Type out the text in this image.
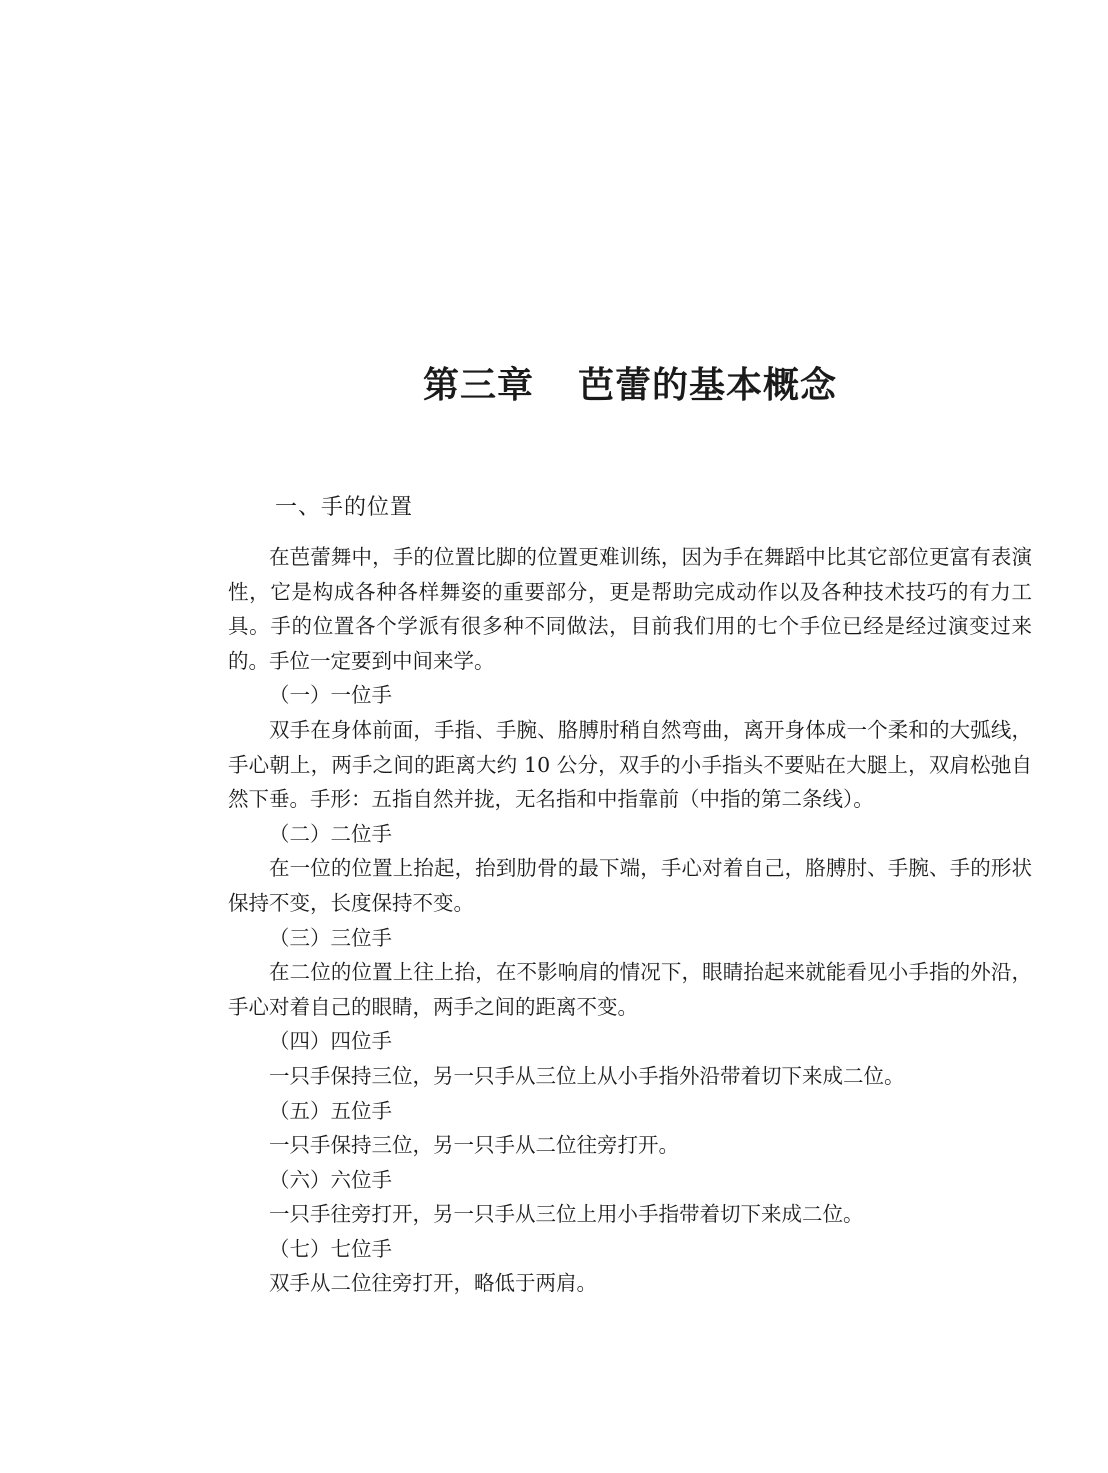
第三章 芭蕾的基本概念
一、手的位置

在芭蕾舞中，手的位置比脚的位置更难训练，因为手在舞蹈中比其它部位更富有表演性，它是构成各种各样舞姿的重要部分，更是帮助完成动作以及各种技术技巧的有力工具。手的位置各个学派有很多种不同做法，目前我们用的七个手位已经是经过演变过来的。手位一定要到中间来学。

（一）一位手

双手在身体前面，手指、手腕、胳膊肘稍自然弯曲，离开身体成一个柔和的大弧线，手心朝上，两手之间的距离大约 10 公分，双手的小手指头不要贴在大腿上，双肩松弛自然下垂。手形：五指自然并拢，无名指和中指靠前（中指的第二条线）。

（二）二位手

在一位的位置上抬起，抬到肋骨的最下端，手心对着自己，胳膊肘、手腕、手的形状保持不变，长度保持不变。

（三）三位手

在二位的位置上往上抬，在不影响肩的情况下，眼睛抬起来就能看见小手指的外沿，手心对着自己的眼睛，两手之间的距离不变。

（四）四位手

一只手保持三位，另一只手从三位上从小手指外沿带着切下来成二位。

（五）五位手

一只手保持三位，另一只手从二位往旁打开。

（六）六位手

一只手往旁打开，另一只手从三位上用小手指带着切下来成二位。

（七）七位手

双手从二位往旁打开，略低于两肩。
